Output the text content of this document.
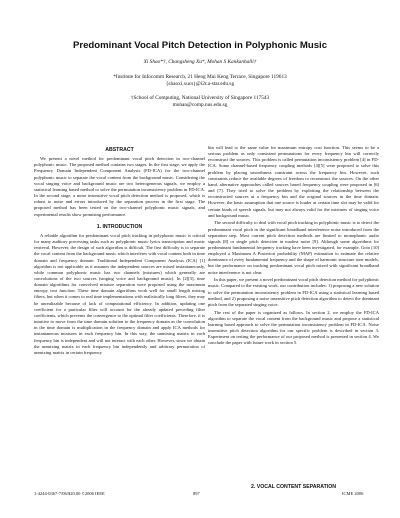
Predominant Vocal Pitch Detection in Polyphonic Music
Xi Shao*†, Changsheng Xu*, Mohan S Kankanhalli†
*Institute for Infocomm Research, 21 Heng Mui Keng Terrace, Singapore 119613
{shaoxi,xucs}@i2r.a-star.edu.sg
†School of Computing, National University of Singapore 117543
mohan@comp.nus.edu.sg
ABSTRACT

We present a novel method for predominant vocal pitch detection in two-channel polyphonic music. The proposed method contains two stages. In the first stage, we apply the Frequency Domain Independent Component Analysis (FD-ICA) for the two-channel polyphonic music to separate the vocal content from the background music. Considering the vocal singing voice and background music are two heterogeneous signals, we employ a statistical learning based method to solve the permutation inconsistency problem in FD-ICA. In the second stage, a noise insensitive vocal pitch detection method is proposed, which is robust to noise and errors introduced by the separation process in the first stage. The proposed method has been tested on the two-channel polyphonic music signals, and experimental results show promising performance.

1. INTRODUCTION

A reliable algorithm for predominant vocal pitch tracking in polyphonic music is critical for many auditory processing tasks such as polyphonic music lyrics transcription and music retrieval. However, the design of such algorithm is difficult. The first difficulty is to separate the vocal content from the background music which interferes with vocal content both in time domain and frequency domain. Traditional Independent Component Analysis (ICA) [1] algorithm is not applicable as it assumes the independent sources are mixed instantaneously, while common polyphonic music has two channels (mixtures) which generally are convolutions of the two sources (singing voice and background music). In [2][3], time domain algorithms for convolved mixture separation were proposed using the maximum entropy cost function. These time domain algorithms work well for small length mixing filters, but when it comes to real time implementations with realistically long filters, they may be unrealizable because of lack of computational efficiency. In addition, updating one coefficient for a particular filter will account for the already updated preceding filter coefficients, which prevents the convergence to the optimal filter coefficients. Therefore, it is intuitive to move from the time domain solution to the frequency domain as the convolution in the time domain is multiplication in the frequency domain and apply ICA methods for instantaneous mixtures in each frequency bin. In this way, the unmixing matrix in each frequency bin is independent and will not interact with each other. However, since we obtain the unmixing matrix in each frequency bin independently and arbitrary permutation of unmixing matrix in certain frequency

bin will lead to the same value for maximum entropy cost function. This seems to be a serious problem as only consistent permutations for every frequency bin will correctly reconstruct the sources. This problem is called permutation inconsistency problem [4] in FD-ICA. Some channel-based frequency coupling methods [4][5] were proposed to solve this problem by placing smoothness constraint across the frequency bin. However, such constraints reduce the available degrees of freedom to reconstruct the sources. On the other hand, alternative approaches called sources based frequency coupling were proposed in [6] and [7]. They tried to solve the problem by exploiting the relationship between the reconstructed sources at a frequency bin and the original sources in the time domain. However, the basic assumption that one source is louder at certain time slot may be valid for certain kinds of speech signals, but may not always valid for the mixtures of singing voice and background music.

The second difficulty to deal with vocal pitch tracking in polyphonic music is to detect the predominant vocal pitch in the significant broadband interference noise introduced from the separation step. Most current pitch detection methods are limited to monophonic audio signals [8] or single pitch detection in modest noise [9]. Although some algorithms for predominant fundamental frequency tracking have been investigated, for example, Goto [10] employed a Maximum A Posteriori probability (MAP) estimation to estimate the relative dominance of every fundamental frequency and the shape of harmonic structure tone models, but the performance on tracking predominant vocal pitch mixed with significant broadband noise interference is not clear.

In this paper, we present a novel predominant vocal pitch detection method for polyphonic music. Compared to the existing work, our contribution includes: 1) proposing a new solution to solve the permutation inconsistency problem in FD-ICA using a statistical learning based method, and 2) proposing a noise insensitive pitch detection algorithm to detect the dominant pitch from the separated singing voice.

The rest of the paper is organized as follows. In section 2, we employ the FD-ICA algorithm to separate the vocal content from the background music and propose a statistical learning based approach to solve the permutation inconsistency problem in FD-ICA. Noise insensitive pitch detection algorithm for our specific problem is described in section 3. Experiment on testing the performance of our proposed method is presented in section 4. We conclude the paper with future work in section 5.

2. VOCAL CONTENT SEPARATION
1-4244-0367-7/06/$20.00 ©2006 IEEE	897	ICME 2006
